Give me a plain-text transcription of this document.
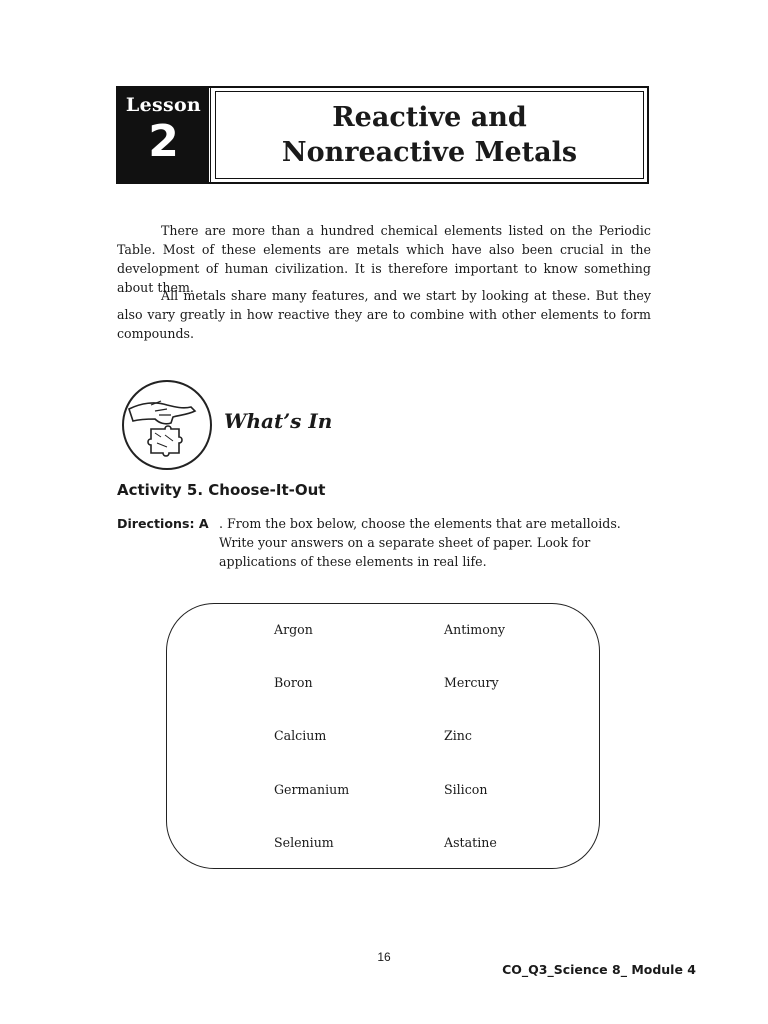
Lesson
2	Reactive and Nonreactive Metals

There are more than a hundred chemical elements listed on the Periodic Table. Most of these elements are metals which have also been crucial in the development of human civilization. It is therefore important to know something about them.

All metals share many features, and we start by looking at these. But they also vary greatly in how reactive they are to combine with other elements to form compounds.

What’s In
Activity 5. Choose-It-Out
Directions: A . From the box below, choose the elements that are metalloids. Write your answers on a separate sheet of paper. Look for applications of these elements in real life.
Argon
Boron
Calcium
Germanium
Selenium
Antimony
Mercury
Zinc
Silicon
Astatine
16
CO_Q3_Science 8_ Module 4
